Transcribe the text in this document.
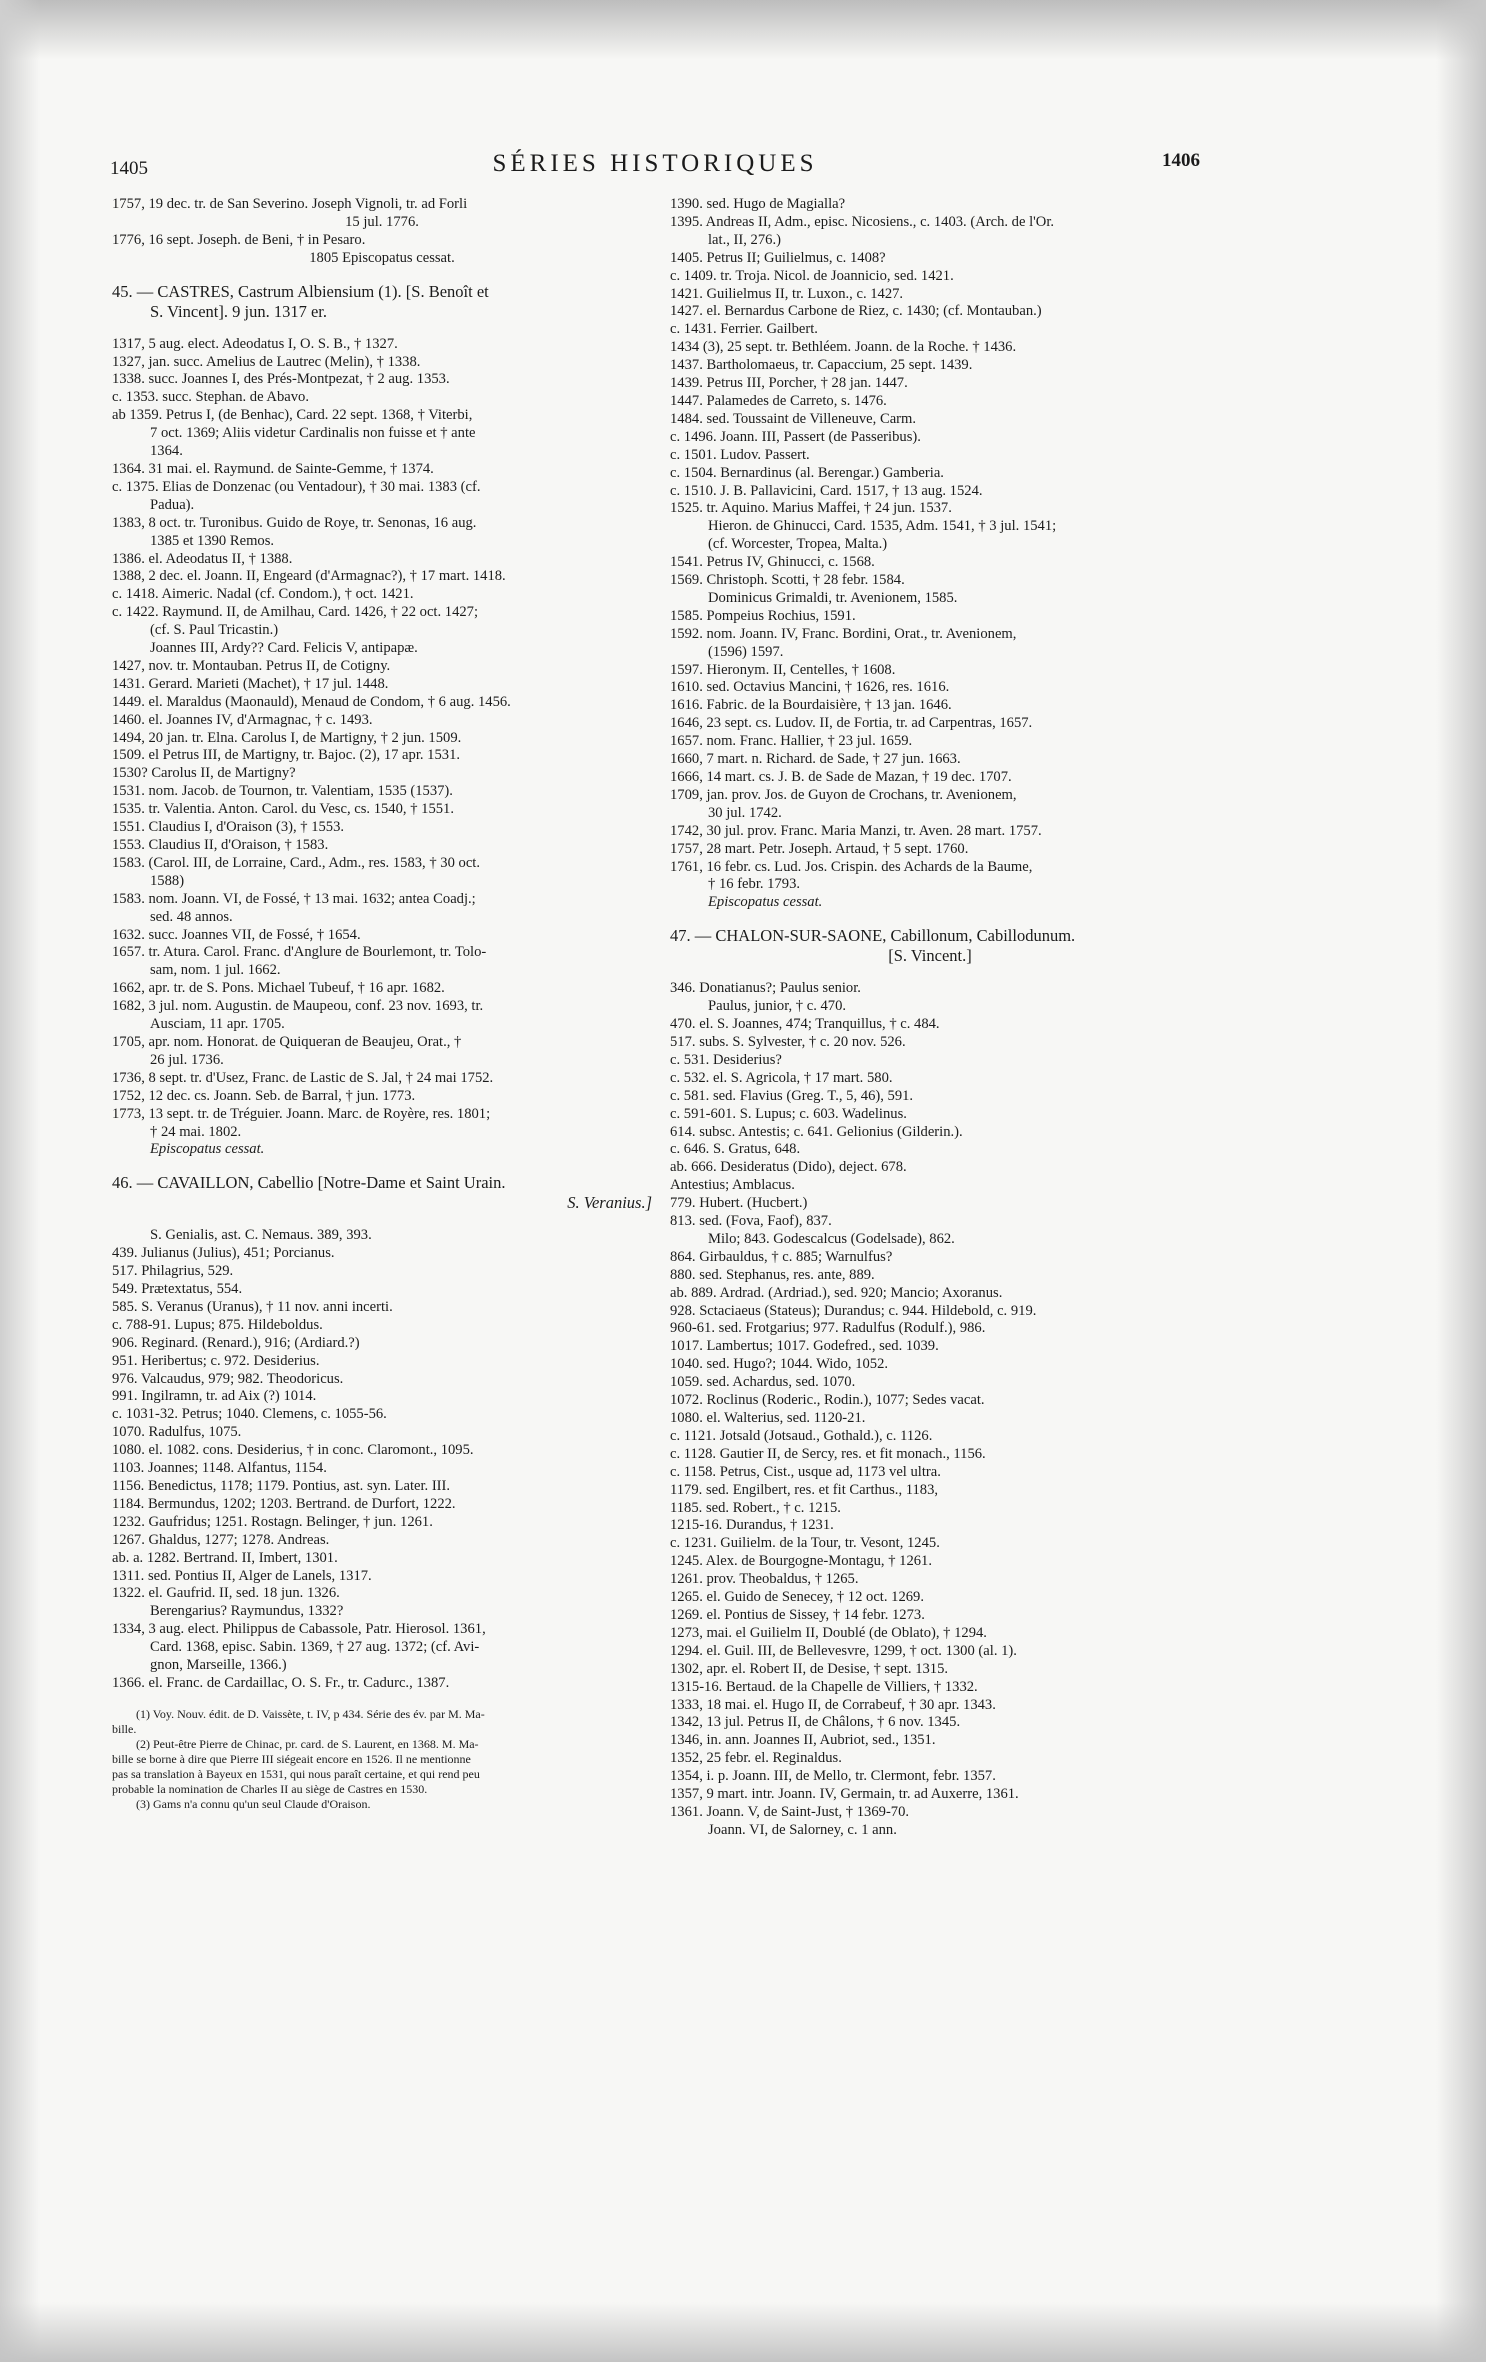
1405	SÉRIES HISTORIQUES	1406
1757, 19 dec. tr. de San Severino. Joseph Vignoli, tr. ad Forli
15 jul. 1776.
1776, 16 sept. Joseph. de Beni, † in Pesaro.
1805 Episcopatus cessat.
45. — CASTRES, Castrum Albiensium (1). [S. Benoît et
S. Vincent]. 9 jun. 1317 er.
1317, 5 aug. elect. Adeodatus I, O. S. B., † 1327.
1327, jan. succ. Amelius de Lautrec (Melin), † 1338.
1338. succ. Joannes I, des Prés-Montpezat, † 2 aug. 1353.
c. 1353. succ. Stephan. de Abavo.
ab 1359. Petrus I, (de Benhac), Card. 22 sept. 1368, † Viterbi,
7 oct. 1369; Aliis videtur Cardinalis non fuisse et † ante
1364.
1364. 31 mai. el. Raymund. de Sainte-Gemme, † 1374.
c. 1375. Elias de Donzenac (ou Ventadour), † 30 mai. 1383 (cf.
Padua).
1383, 8 oct. tr. Turonibus. Guido de Roye, tr. Senonas, 16 aug.
1385 et 1390 Remos.
1386. el. Adeodatus II, † 1388.
1388, 2 dec. el. Joann. II, Engeard (d'Armagnac?), † 17 mart. 1418.
c. 1418. Aimeric. Nadal (cf. Condom.), † oct. 1421.
c. 1422. Raymund. II, de Amilhau, Card. 1426, † 22 oct. 1427;
(cf. S. Paul Tricastin.)
Joannes III, Ardy?? Card. Felicis V, antipapæ.
1427, nov. tr. Montauban. Petrus II, de Cotigny.
1431. Gerard. Marieti (Machet), † 17 jul. 1448.
1449. el. Maraldus (Maonauld), Menaud de Condom, † 6 aug. 1456.
1460. el. Joannes IV, d'Armagnac, † c. 1493.
1494, 20 jan. tr. Elna. Carolus I, de Martigny, † 2 jun. 1509.
1509. el Petrus III, de Martigny, tr. Bajoc. (2), 17 apr. 1531.
1530? Carolus II, de Martigny?
1531. nom. Jacob. de Tournon, tr. Valentiam, 1535 (1537).
1535. tr. Valentia. Anton. Carol. du Vesc, cs. 1540, † 1551.
1551. Claudius I, d'Oraison (3), † 1553.
1553. Claudius II, d'Oraison, † 1583.
1583. (Carol. III, de Lorraine, Card., Adm., res. 1583, † 30 oct.
1588)
1583. nom. Joann. VI, de Fossé, † 13 mai. 1632; antea Coadj.;
sed. 48 annos.
1632. succ. Joannes VII, de Fossé, † 1654.
1657. tr. Atura. Carol. Franc. d'Anglure de Bourlemont, tr. Tolo-
sam, nom. 1 jul. 1662.
1662, apr. tr. de S. Pons. Michael Tubeuf, † 16 apr. 1682.
1682, 3 jul. nom. Augustin. de Maupeou, conf. 23 nov. 1693, tr.
Ausciam, 11 apr. 1705.
1705, apr. nom. Honorat. de Quiqueran de Beaujeu, Orat., †
26 jul. 1736.
1736, 8 sept. tr. d'Usez, Franc. de Lastic de S. Jal, † 24 mai 1752.
1752, 12 dec. cs. Joann. Seb. de Barral, † jun. 1773.
1773, 13 sept. tr. de Tréguier. Joann. Marc. de Royère, res. 1801;
† 24 mai. 1802.
Episcopatus cessat.
46. — CAVAILLON, Cabellio [Notre-Dame et Saint Urain.
S. Veranius.]
S. Genialis, ast. C. Nemaus. 389, 393.
439. Julianus (Julius), 451; Porcianus.
517. Philagrius, 529.
549. Prætextatus, 554.
585. S. Veranus (Uranus), † 11 nov. anni incerti.
c. 788-91. Lupus; 875. Hildeboldus.
906. Reginard. (Renard.), 916; (Ardiard.?)
951. Heribertus; c. 972. Desiderius.
976. Valcaudus, 979; 982. Theodoricus.
991. Ingilramn, tr. ad Aix (?) 1014.
c. 1031-32. Petrus; 1040. Clemens, c. 1055-56.
1070. Radulfus, 1075.
1080. el. 1082. cons. Desiderius, † in conc. Claromont., 1095.
1103. Joannes; 1148. Alfantus, 1154.
1156. Benedictus, 1178; 1179. Pontius, ast. syn. Later. III.
1184. Bermundus, 1202; 1203. Bertrand. de Durfort, 1222.
1232. Gaufridus; 1251. Rostagn. Belinger, † jun. 1261.
1267. Ghaldus, 1277; 1278. Andreas.
ab. a. 1282. Bertrand. II, Imbert, 1301.
1311. sed. Pontius II, Alger de Lanels, 1317.
1322. el. Gaufrid. II, sed. 18 jun. 1326.
Berengarius? Raymundus, 1332?
1334, 3 aug. elect. Philippus de Cabassole, Patr. Hierosol. 1361,
Card. 1368, episc. Sabin. 1369, † 27 aug. 1372; (cf. Avi-
gnon, Marseille, 1366.)
1366. el. Franc. de Cardaillac, O. S. Fr., tr. Cadurc., 1387.
(1) Voy. Nouv. édit. de D. Vaissète, t. IV, p 434. Série des év. par M. Ma-
bille.
(2) Peut-être Pierre de Chinac, pr. card. de S. Laurent, en 1368. M. Ma-
bille se borne à dire que Pierre III siégeait encore en 1526. Il ne mentionne
pas sa translation à Bayeux en 1531, qui nous paraît certaine, et qui rend peu
probable la nomination de Charles II au siège de Castres en 1530.
(3) Gams n'a connu qu'un seul Claude d'Oraison.
1390. sed. Hugo de Magialla?
1395. Andreas II, Adm., episc. Nicosiens., c. 1403. (Arch. de l'Or.
lat., II, 276.)
1405. Petrus II; Guilielmus, c. 1408?
c. 1409. tr. Troja. Nicol. de Joannicio, sed. 1421.
1421. Guilielmus II, tr. Luxon., c. 1427.
1427. el. Bernardus Carbone de Riez, c. 1430; (cf. Montauban.)
c. 1431. Ferrier. Gailbert.
1434 (3), 25 sept. tr. Bethléem. Joann. de la Roche. † 1436.
1437. Bartholomaeus, tr. Capaccium, 25 sept. 1439.
1439. Petrus III, Porcher, † 28 jan. 1447.
1447. Palamedes de Carreto, s. 1476.
1484. sed. Toussaint de Villeneuve, Carm.
c. 1496. Joann. III, Passert (de Passeribus).
c. 1501. Ludov. Passert.
c. 1504. Bernardinus (al. Berengar.) Gamberia.
c. 1510. J. B. Pallavicini, Card. 1517, † 13 aug. 1524.
1525. tr. Aquino. Marius Maffei, † 24 jun. 1537.
Hieron. de Ghinucci, Card. 1535, Adm. 1541, † 3 jul. 1541;
(cf. Worcester, Tropea, Malta.)
1541. Petrus IV, Ghinucci, c. 1568.
1569. Christoph. Scotti, † 28 febr. 1584.
Dominicus Grimaldi, tr. Avenionem, 1585.
1585. Pompeius Rochius, 1591.
1592. nom. Joann. IV, Franc. Bordini, Orat., tr. Avenionem,
(1596) 1597.
1597. Hieronym. II, Centelles, † 1608.
1610. sed. Octavius Mancini, † 1626, res. 1616.
1616. Fabric. de la Bourdaisière, † 13 jan. 1646.
1646, 23 sept. cs. Ludov. II, de Fortia, tr. ad Carpentras, 1657.
1657. nom. Franc. Hallier, † 23 jul. 1659.
1660, 7 mart. n. Richard. de Sade, † 27 jun. 1663.
1666, 14 mart. cs. J. B. de Sade de Mazan, † 19 dec. 1707.
1709, jan. prov. Jos. de Guyon de Crochans, tr. Avenionem,
30 jul. 1742.
1742, 30 jul. prov. Franc. Maria Manzi, tr. Aven. 28 mart. 1757.
1757, 28 mart. Petr. Joseph. Artaud, † 5 sept. 1760.
1761, 16 febr. cs. Lud. Jos. Crispin. des Achards de la Baume,
† 16 febr. 1793.
Episcopatus cessat.
47. — CHALON-SUR-SAONE, Cabillonum, Cabillodunum.
[S. Vincent.]
346. Donatianus?; Paulus senior.
Paulus, junior, † c. 470.
470. el. S. Joannes, 474; Tranquillus, † c. 484.
517. subs. S. Sylvester, † c. 20 nov. 526.
c. 531. Desiderius?
c. 532. el. S. Agricola, † 17 mart. 580.
c. 581. sed. Flavius (Greg. T., 5, 46), 591.
c. 591-601. S. Lupus; c. 603. Wadelinus.
614. subsc. Antestis; c. 641. Gelionius (Gilderin.).
c. 646. S. Gratus, 648.
ab. 666. Desideratus (Dido), deject. 678.
Antestius; Amblacus.
779. Hubert. (Hucbert.)
813. sed. (Fova, Faof), 837.
Milo; 843. Godescalcus (Godelsade), 862.
864. Girbauldus, † c. 885; Warnulfus?
880. sed. Stephanus, res. ante, 889.
ab. 889. Ardrad. (Ardriad.), sed. 920; Mancio; Axoranus.
928. Sctaciaeus (Stateus); Durandus; c. 944. Hildebold, c. 919.
960-61. sed. Frotgarius; 977. Radulfus (Rodulf.), 986.
1017. Lambertus; 1017. Godefred., sed. 1039.
1040. sed. Hugo?; 1044. Wido, 1052.
1059. sed. Achardus, sed. 1070.
1072. Roclinus (Roderic., Rodin.), 1077; Sedes vacat.
1080. el. Walterius, sed. 1120-21.
c. 1121. Jotsald (Jotsaud., Gothald.), c. 1126.
c. 1128. Gautier II, de Sercy, res. et fit monach., 1156.
c. 1158. Petrus, Cist., usque ad, 1173 vel ultra.
1179. sed. Engilbert, res. et fit Carthus., 1183,
1185. sed. Robert., † c. 1215.
1215-16. Durandus, † 1231.
c. 1231. Guilielm. de la Tour, tr. Vesont, 1245.
1245. Alex. de Bourgogne-Montagu, † 1261.
1261. prov. Theobaldus, † 1265.
1265. el. Guido de Senecey, † 12 oct. 1269.
1269. el. Pontius de Sissey, † 14 febr. 1273.
1273, mai. el Guilielm II, Doublé (de Oblato), † 1294.
1294. el. Guil. III, de Bellevesvre, 1299, † oct. 1300 (al. 1).
1302, apr. el. Robert II, de Desise, † sept. 1315.
1315-16. Bertaud. de la Chapelle de Villiers, † 1332.
1333, 18 mai. el. Hugo II, de Corrabeuf, † 30 apr. 1343.
1342, 13 jul. Petrus II, de Châlons, † 6 nov. 1345.
1346, in. ann. Joannes II, Aubriot, sed., 1351.
1352, 25 febr. el. Reginaldus.
1354, i. p. Joann. III, de Mello, tr. Clermont, febr. 1357.
1357, 9 mart. intr. Joann. IV, Germain, tr. ad Auxerre, 1361.
1361. Joann. V, de Saint-Just, † 1369-70.
Joann. VI, de Salorney, c. 1 ann.
